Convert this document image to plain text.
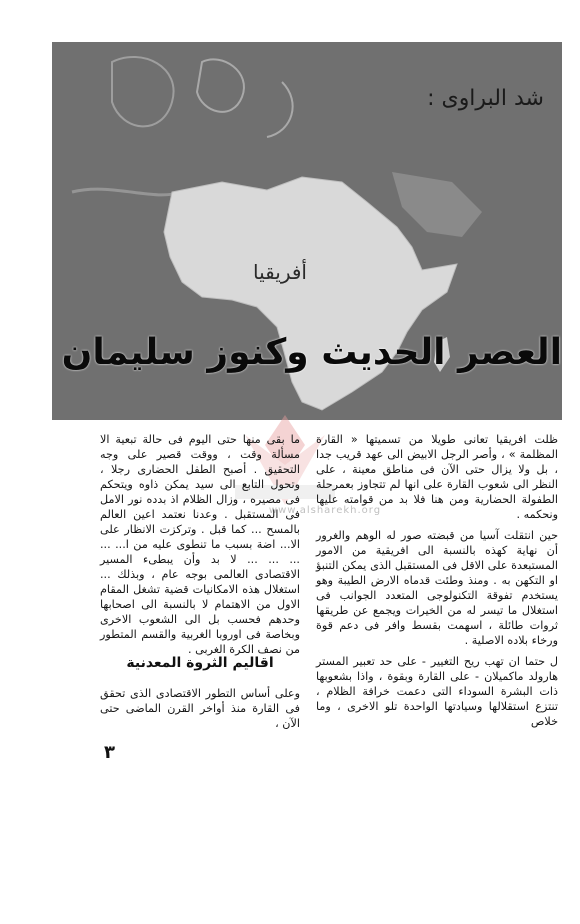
شد البراوى :
أفريقيا
العصر الحديث وكنوز سليمان
www.alsharekh.org

ظلت افريقيا تعانى طويلا من تسميتها « القارة المظلمة » ، وأصر الرجل الابيض الى عهد قريب جدا ، بل ولا يزال حتى الآن فى مناطق معينة ، على النظر الى شعوب القارة على انها لم تتجاوز بعمرحلة الطفولة الحضارية ومن هنا فلا بد من قوامته عليها ونحكمه .

حين انتقلت آسيا من قبضته صور له الوهم والغرور أن نهاية كهذه بالنسبة الى افريقية من الامور المستبعدة على الاقل فى المستقبل الذى يمكن التنبؤ او التكهن به . ومنذ وطئت قدماه الارض الطيبة وهو يستخدم تفوقة التكنولوجى المتعدد الجوانب فى استغلال ما تيسر له من الخيرات ويجمع عن طريقها ثروات طائلة ، اسهمت بقسط وافر فى دعم قوة ورخاء بلاده الاصلية .

ل حتما ان تهب ريح التغيير - على حد تعبير المستر هارولد ماكميلان - على القارة وبقوة ، واذا بشعوبها ذات البشرة السوداء التى دعمت خرافة الظلام ، تنتزع استقلالها وسيادتها الواحدة تلو الاخرى ، وما خلاص

ما بقى منها حتى اليوم فى حالة تبعية الا مسألة وقت ، ووقت قصير على وجه التحقيق . أصبح الطفل الحضارى رجلا ، وتحول التابع الى سيد يمكن ذاوه ويتحكم فى مصيره ، وزال الظلام اذ بدده نور الامل فى المستقبل . وعدنا نعتمد اعين العالم بالمسح ... كما قبل . وتركزت الانظار على الا... اضة بسبب ما تنطوى عليه من ا... ... ... ... ... لا بد وأن يبطىء المسير الاقتصادى العالمى بوجه عام ، وبذلك ... استغلال هذه الامكانيات قضية تشغل المقام الاول من الاهتمام لا بالنسبة الى اصحابها وحدهم فحسب بل الى الشعوب الاخرى وبخاصة فى اوروبا الغربية والقسم المتطور من نصف الكرة الغربى .

اقاليم الثروة المعدنية

وعلى أساس التطور الاقتصادى الذى تحقق فى القارة منذ أواخر القرن الماضى حتى الآن ،

٣
